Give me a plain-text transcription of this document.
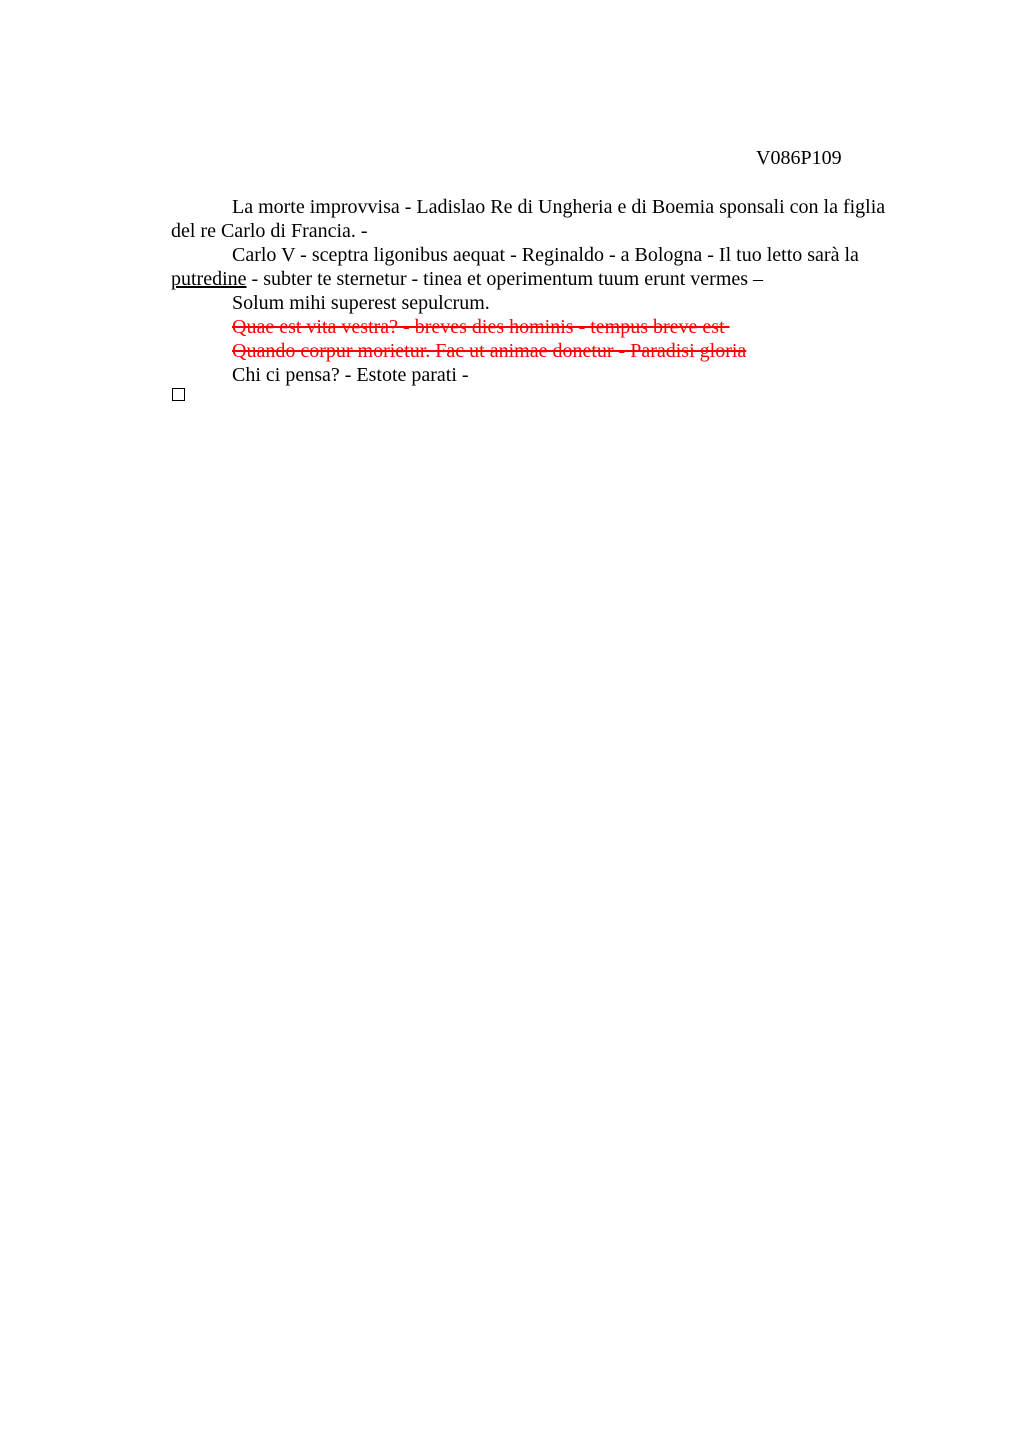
V086P109
La morte improvvisa - Ladislao Re di Ungheria e di Boemia sponsali con la figlia
del re Carlo di Francia. -
Carlo V - sceptra ligonibus aequat - Reginaldo - a Bologna - Il tuo letto sarà la
putredine - subter te sternetur - tinea et operimentum tuum erunt vermes –
Solum mihi superest sepulcrum.
Quae est vita vestra? - breves dies hominis - tempus breve est
Quando corpur morietur. Fac ut animae donetur - Paradisi gloria
Chi ci pensa? - Estote parati -
